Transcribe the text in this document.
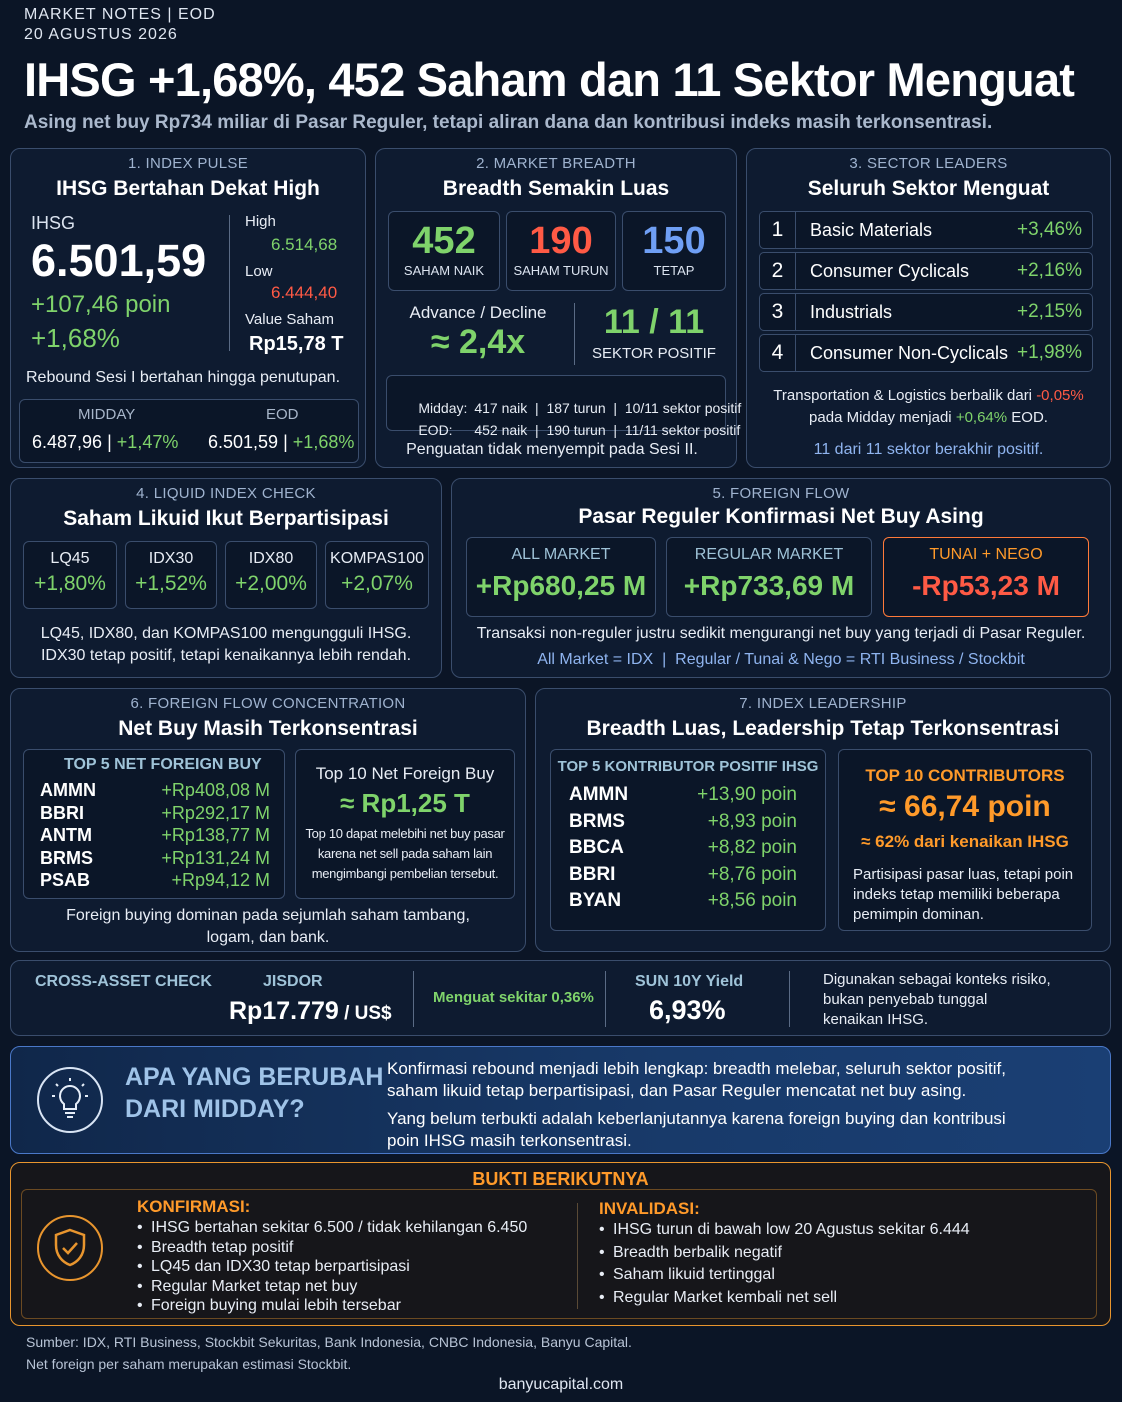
MARKET NOTES | EOD
20 AGUSTUS 2026
IHSG +1,68%, 452 Saham dan 11 Sektor Menguat
Asing net buy Rp734 miliar di Pasar Reguler, tetapi aliran dana dan kontribusi indeks masih terkonsentrasi.
1. INDEX PULSE
IHSG Bertahan Dekat High
IHSG
6.501,59
+107,46 poin
+1,68%
High
6.514,68
Low
6.444,40
Value Saham
Rp15,78 T
Rebound Sesi I bertahan hingga penutupan.
MIDDAY
6.487,96 | +1,47%
EOD
6.501,59 | +1,68%
2. MARKET BREADTH
Breadth Semakin Luas
452
SAHAM NAIK
190
SAHAM TURUN
150
TETAP
Advance / Decline
≈ 2,4x
11 / 11
SEKTOR POSITIF

Midday: 417 naik  |  187 turun  |  10/11 sektor positif

EOD: 452 naik  |  190 turun  |  11/11 sektor positif

Penguatan tidak menyempit pada Sesi II.
3. SECTOR LEADERS
Seluruh Sektor Menguat
1	Basic Materials	+3,46%
2	Consumer Cyclicals	+2,16%
3	Industrials	+2,15%
4	Consumer Non-Cyclicals +1,98%
Transportation & Logistics berbalik dari -0,05%
pada Midday menjadi +0,64% EOD.
11 dari 11 sektor berakhir positif.
4. LIQUID INDEX CHECK
Saham Likuid Ikut Berpartisipasi
LQ45
+1,80%
IDX30
+1,52%
IDX80
+2,00%
KOMPAS100
+2,07%
LQ45, IDX80, dan KOMPAS100 mengungguli IHSG.
IDX30 tetap positif, tetapi kenaikannya lebih rendah.
5. FOREIGN FLOW
Pasar Reguler Konfirmasi Net Buy Asing
ALL MARKET
+Rp680,25 M
REGULAR MARKET
+Rp733,69 M
TUNAI + NEGO
-Rp53,23 M
Transaksi non-reguler justru sedikit mengurangi net buy yang terjadi di Pasar Reguler.
All Market = IDX  |  Regular / Tunai & Nego = RTI Business / Stockbit
6. FOREIGN FLOW CONCENTRATION
Net Buy Masih Terkonsentrasi
TOP 5 NET FOREIGN BUY
AMMN	+Rp408,08 M
BBRI	+Rp292,17 M
ANTM	+Rp138,77 M
BRMS	+Rp131,24 M
PSAB	+Rp94,12 M
Top 10 Net Foreign Buy
≈ Rp1,25 T
Top 10 dapat melebihi net buy pasar
karena net sell pada saham lain
mengimbangi pembelian tersebut.
Foreign buying dominan pada sejumlah saham tambang,
logam, dan bank.
7. INDEX LEADERSHIP
Breadth Luas, Leadership Tetap Terkonsentrasi
TOP 5 KONTRIBUTOR POSITIF IHSG
AMMN	+13,90 poin
BRMS	+8,93 poin
BBCA	+8,82 poin
BBRI	+8,76 poin
BYAN	+8,56 poin
TOP 10 CONTRIBUTORS
≈ 66,74 poin
≈ 62% dari kenaikan IHSG
Partisipasi pasar luas, tetapi poin
indeks tetap memiliki beberapa
pemimpin dominan.
CROSS-ASSET CHECK	JISDOR
Rp17.779 / US$
Menguat sekitar 0,36%
SUN 10Y Yield
6,93%
Digunakan sebagai konteks risiko,
bukan penyebab tunggal
kenaikan IHSG.
APA YANG BERUBAH
DARI MIDDAY?
Konfirmasi rebound menjadi lebih lengkap: breadth melebar, seluruh sektor positif,
saham likuid tetap berpartisipasi, dan Pasar Reguler mencatat net buy asing.
Yang belum terbukti adalah keberlanjutannya karena foreign buying dan kontribusi
poin IHSG masih terkonsentrasi.
BUKTI BERIKUTNYA
KONFIRMASI:
• IHSG bertahan sekitar 6.500 / tidak kehilangan 6.450
• Breadth tetap positif
• LQ45 dan IDX30 tetap berpartisipasi
• Regular Market tetap net buy
• Foreign buying mulai lebih tersebar
INVALIDASI:
• IHSG turun di bawah low 20 Agustus sekitar 6.444
• Breadth berbalik negatif
• Saham likuid tertinggal
• Regular Market kembali net sell
Sumber: IDX, RTI Business, Stockbit Sekuritas, Bank Indonesia, CNBC Indonesia, Banyu Capital.
Net foreign per saham merupakan estimasi Stockbit.
banyucapital.com
